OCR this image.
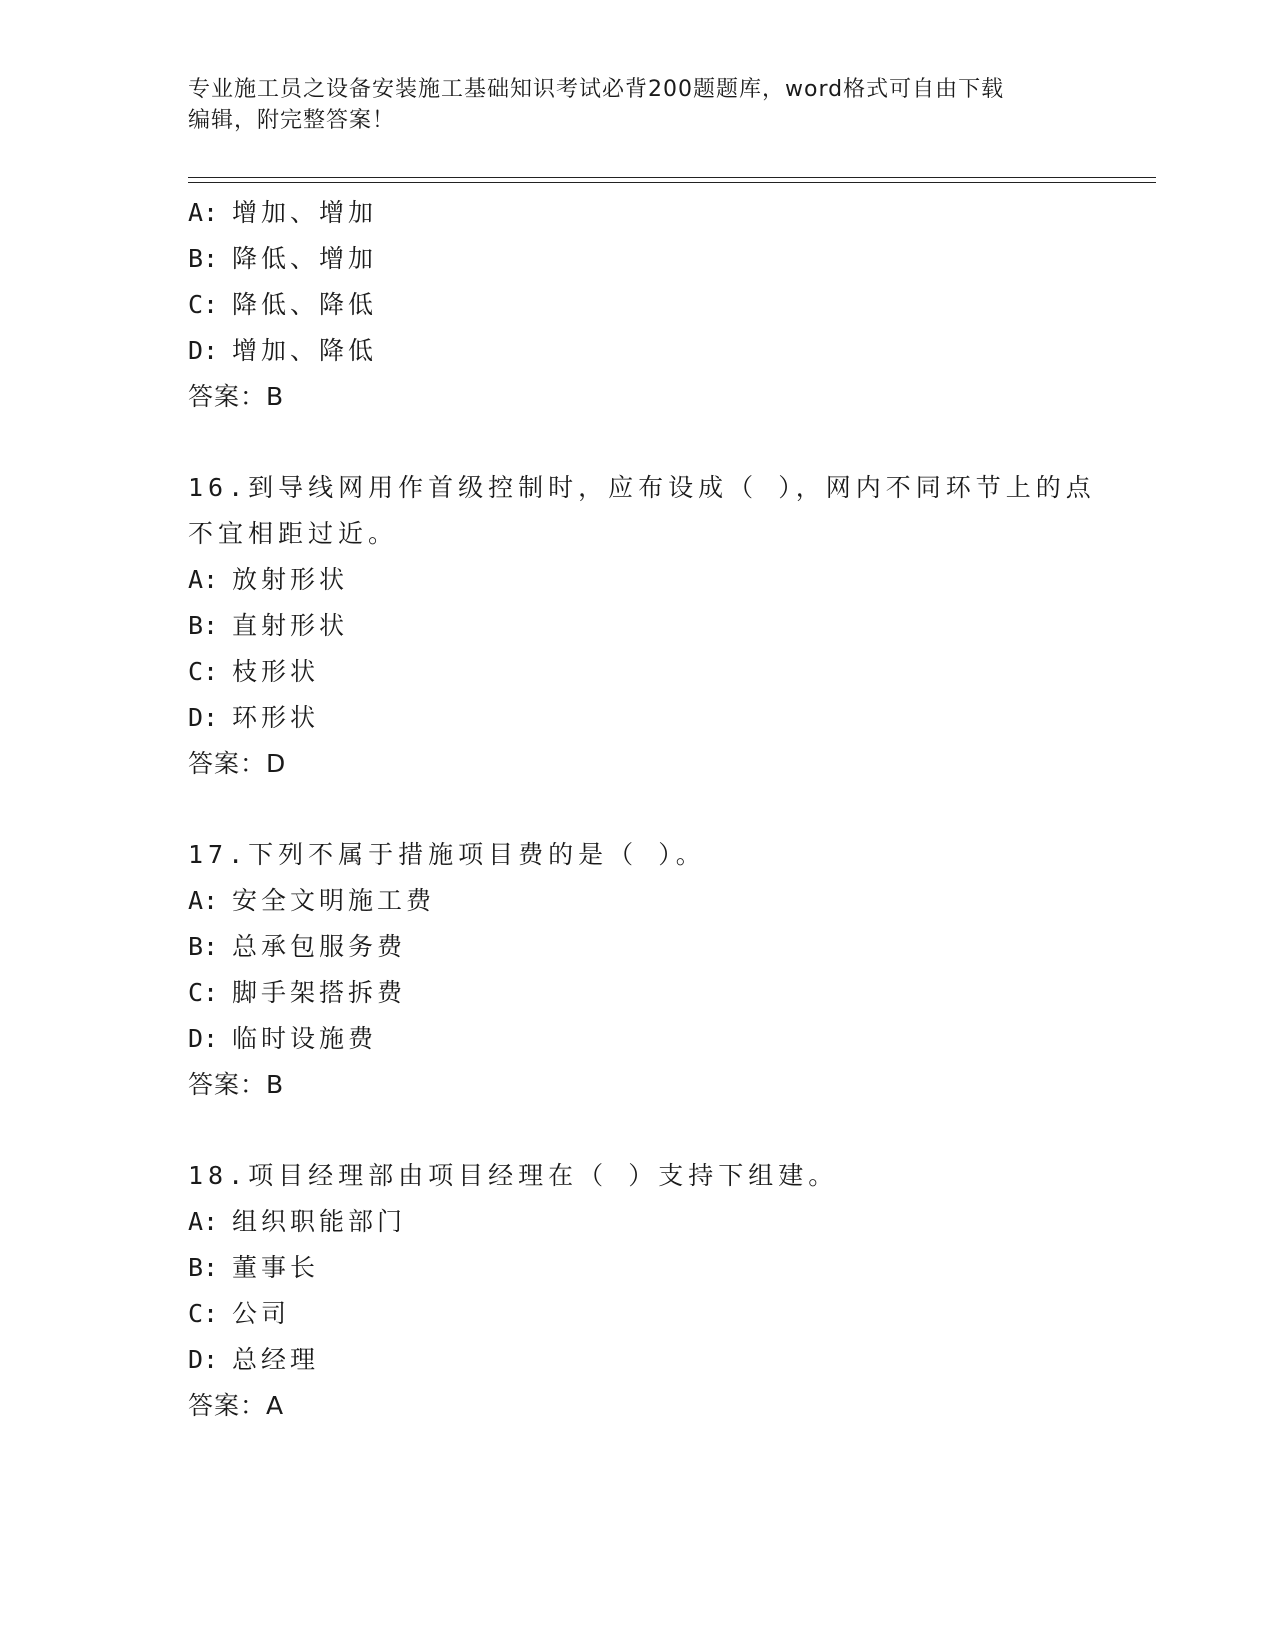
专业施工员之设备安装施工基础知识考试必背200题题库，word格式可自由下载
编辑，附完整答案！
A: 增加、增加
B: 降低、增加
C: 降低、降低
D: 增加、降低
答案：B
16.到导线网用作首级控制时，应布设成（ ），网内不同环节上的点
不宜相距过近。
A: 放射形状
B: 直射形状
C: 枝形状
D: 环形状
答案：D
17.下列不属于措施项目费的是（ ）。
A: 安全文明施工费
B: 总承包服务费
C: 脚手架搭拆费
D: 临时设施费
答案：B
18.项目经理部由项目经理在（ ）支持下组建。
A: 组织职能部门
B: 董事长
C: 公司
D: 总经理
答案：A
